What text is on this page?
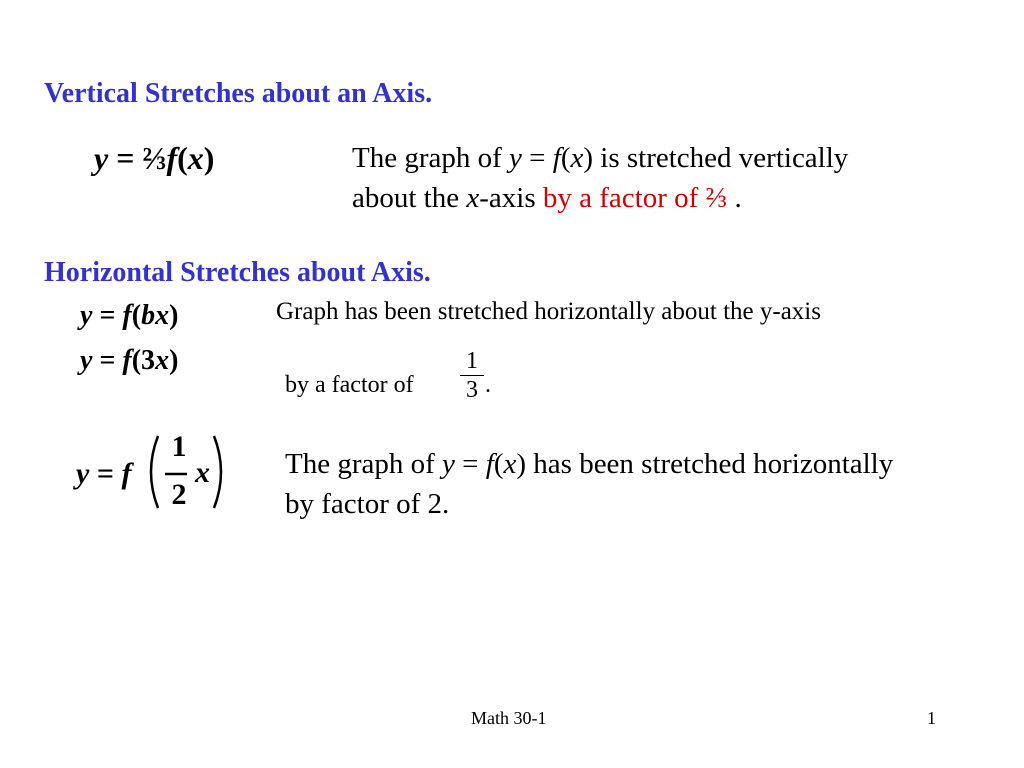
Vertical Stretches about an Axis.
y = ⅔f(x)	The graph of y = f(x) is stretched vertically
about the x-axis by a factor of ⅔ .
Horizontal Stretches about Axis.
y = f(bx)	Graph has been stretched horizontally about the y-axis
y = f(3x)
by a factor of
1
3 .
y = f
1
2
x	The graph of y = f(x) has been stretched horizontally
by factor of 2.
Math 30-1	1
